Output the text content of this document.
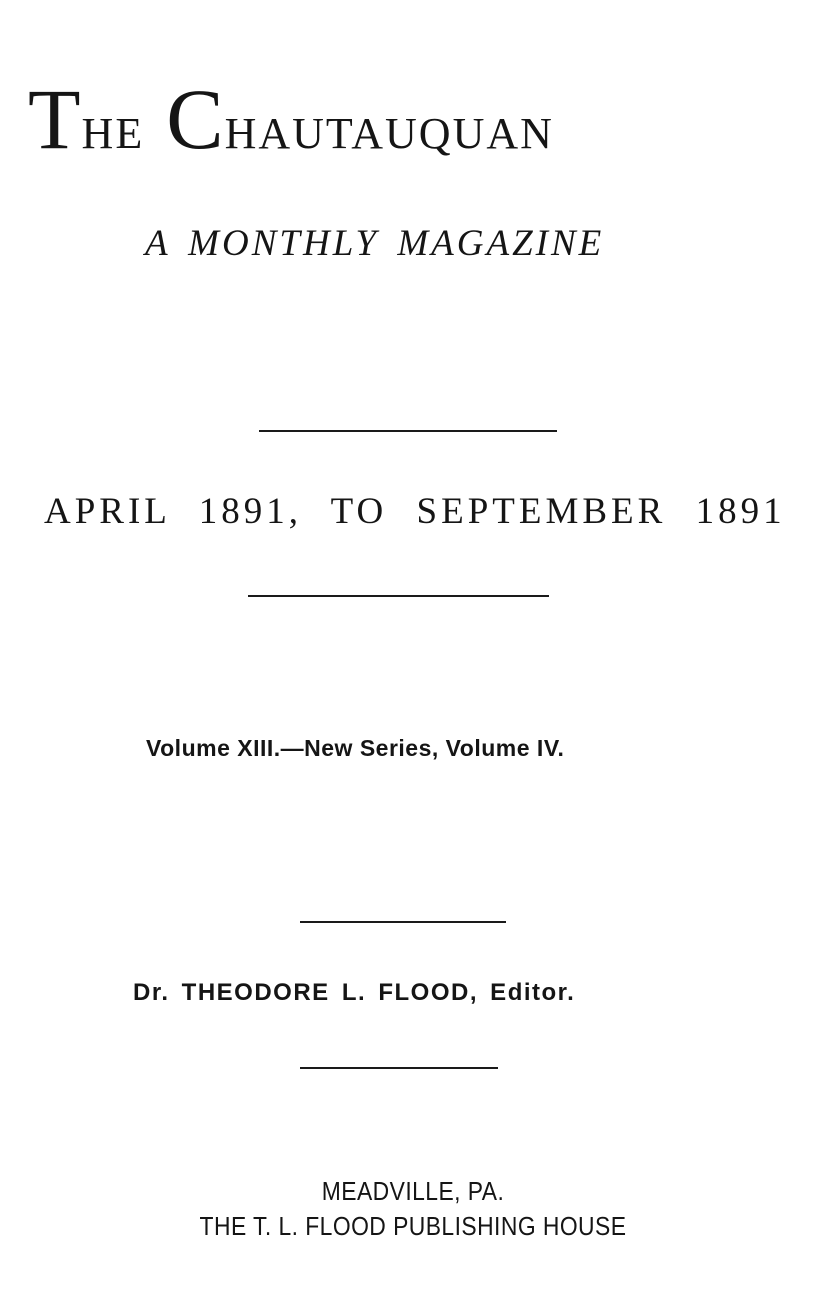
THE CHAUTAUQUAN
A MONTHLY MAGAZINE
APRIL 1891, TO SEPTEMBER 1891
Volume XIII.—New Series, Volume IV.
Dr. THEODORE L. FLOOD, Editor.
MEADVILLE, PA.
THE T. L. FLOOD PUBLISHING HOUSE
